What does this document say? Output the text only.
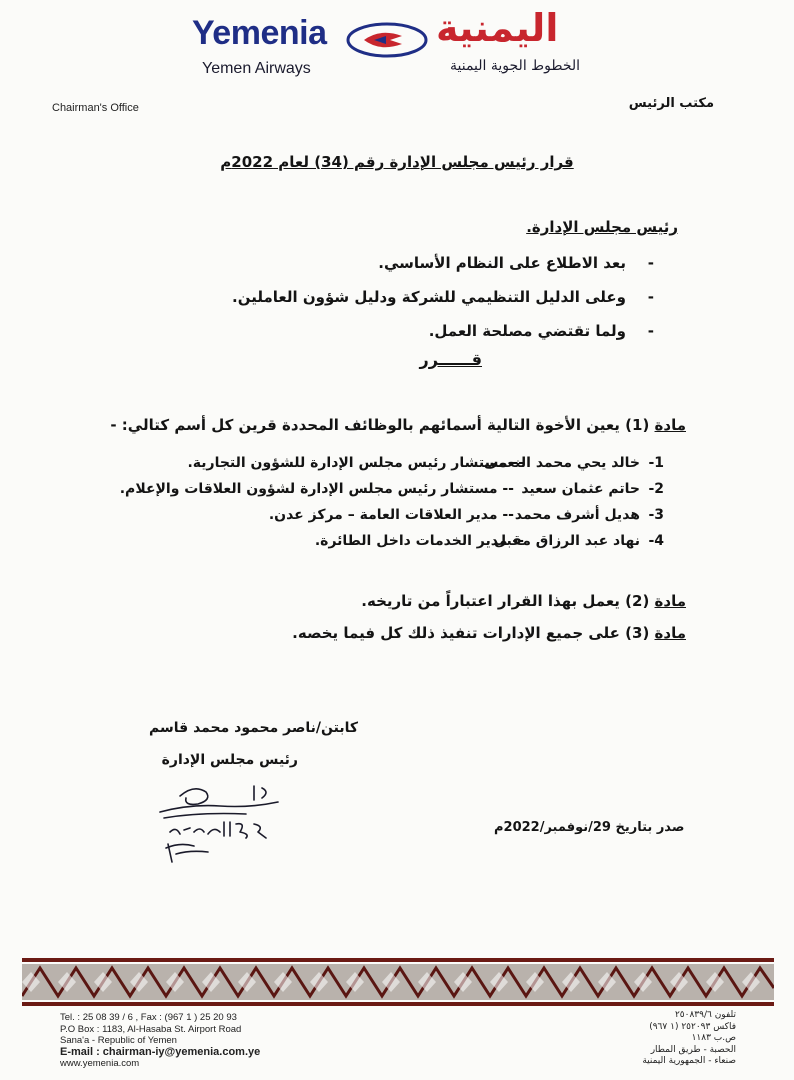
Yemenia
Yemen Airways
اليمنية
الخطوط الجوية اليمنية
Chairman's Office	مكتب الرئيس
قرار رئيس مجلس الإدارة رقم (34) لعام 2022م
رئيس مجلس الإدارة.
-
بعد الاطلاع على النظام الأساسي.
-
وعلى الدليل التنظيمي للشركة ودليل شؤون العاملين.
-
ولما تقتضي مصلحة العمل.
قــــــرر
مادة (1) يعين الأخوة التالية أسمائهم بالوظائف المحددة قرين كل أسم كتالي: -
1-
خالد يحي محمد النعمى
-- مستشار رئيس مجلس الإدارة للشؤون التجارية.
2-
حاتم عثمان سعيد
-- مستشار رئيس مجلس الإدارة لشؤون العلاقات والإعلام.
3-
هديل أشرف محمد
-- مدير العلاقات العامة – مركز عدن.
4-
نهاد عبد الرزاق مقبل
-- مدير الخدمات داخل الطائرة.
مادة (2) يعمل بهذا القرار اعتباراً من تاريخه.
مادة (3) على جميع الإدارات تنفيذ ذلك كل فيما يخصه.
كابتن/ناصر محمود محمد قاسم
رئيس مجلس الإدارة
صدر بتاريخ 29/نوفمبر/2022م
Tel. : 25 08 39 / 6 , Fax : (967 1 ) 25 20 93
P.O Box : 1183, Al-Hasaba St. Airport Road
Sana'a - Republic of Yemen
E-mail : chairman-iy@yemenia.com.ye
www.yemenia.com
تلفون ٢٥٠٨٣٩/٦
فاكس ٢٥٢٠٩٣ (١ ٩٦٧)
ص.ب ١١٨٣
الحصبة - طريق المطار
صنعاء - الجمهورية اليمنية
